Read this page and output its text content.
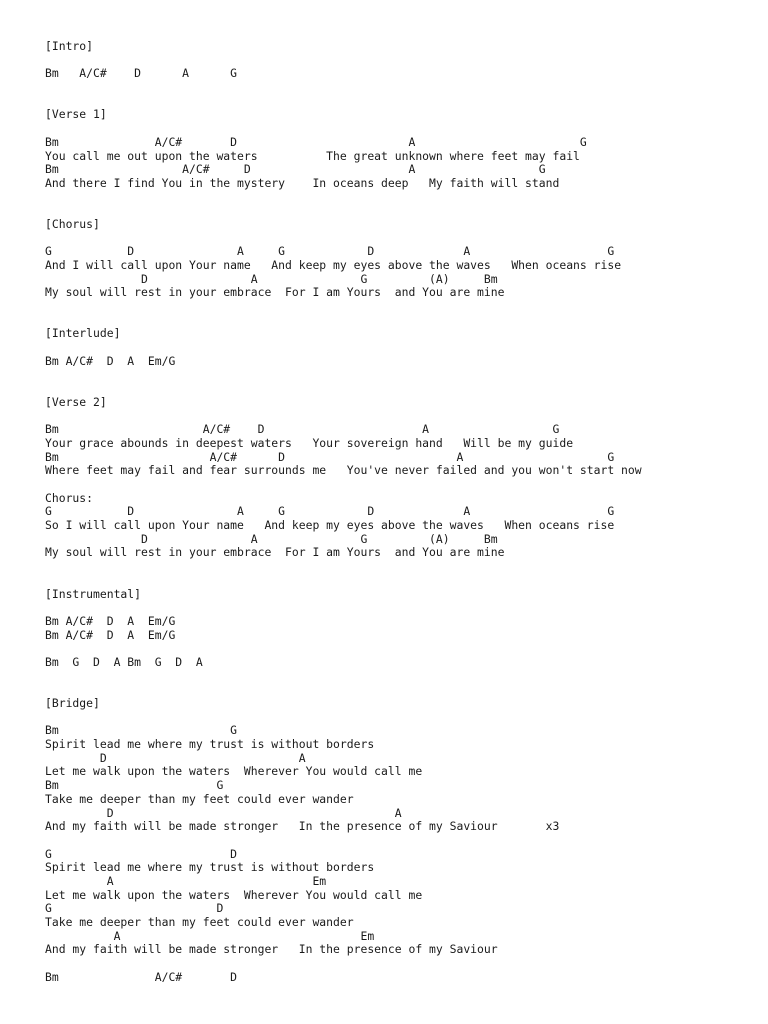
[Intro]
Bm   A/C#    D      A      G
[Verse 1]
Bm              A/C#       D                         A                        G
You call me out upon the waters          The great unknown where feet may fail
Bm                  A/C#     D                       A                  G
And there I find You in the mystery    In oceans deep   My faith will stand
[Chorus]
G           D               A     G            D             A                    G
And I will call upon Your name   And keep my eyes above the waves   When oceans rise
D               A               G         (A)     Bm
My soul will rest in your embrace  For I am Yours  and You are mine
[Interlude]
Bm A/C#  D  A  Em/G
[Verse 2]
Bm                     A/C#    D                       A                  G
Your grace abounds in deepest waters   Your sovereign hand   Will be my guide
Bm                      A/C#      D                         A                     G
Where feet may fail and fear surrounds me   You've never failed and you won't start now
Chorus:
G           D               A     G            D             A                    G
So I will call upon Your name   And keep my eyes above the waves   When oceans rise
D               A               G         (A)     Bm
My soul will rest in your embrace  For I am Yours  and You are mine
[Instrumental]
Bm A/C#  D  A  Em/G
Bm A/C#  D  A  Em/G
Bm  G  D  A Bm  G  D  A
[Bridge]
Bm                         G
Spirit lead me where my trust is without borders
D                            A
Let me walk upon the waters  Wherever You would call me
Bm                       G
Take me deeper than my feet could ever wander
D                                         A
And my faith will be made stronger   In the presence of my Saviour       x3
G                          D
Spirit lead me where my trust is without borders
A                             Em
Let me walk upon the waters  Wherever You would call me
G                        D
Take me deeper than my feet could ever wander
A                                   Em
And my faith will be made stronger   In the presence of my Saviour
Bm              A/C#       D
